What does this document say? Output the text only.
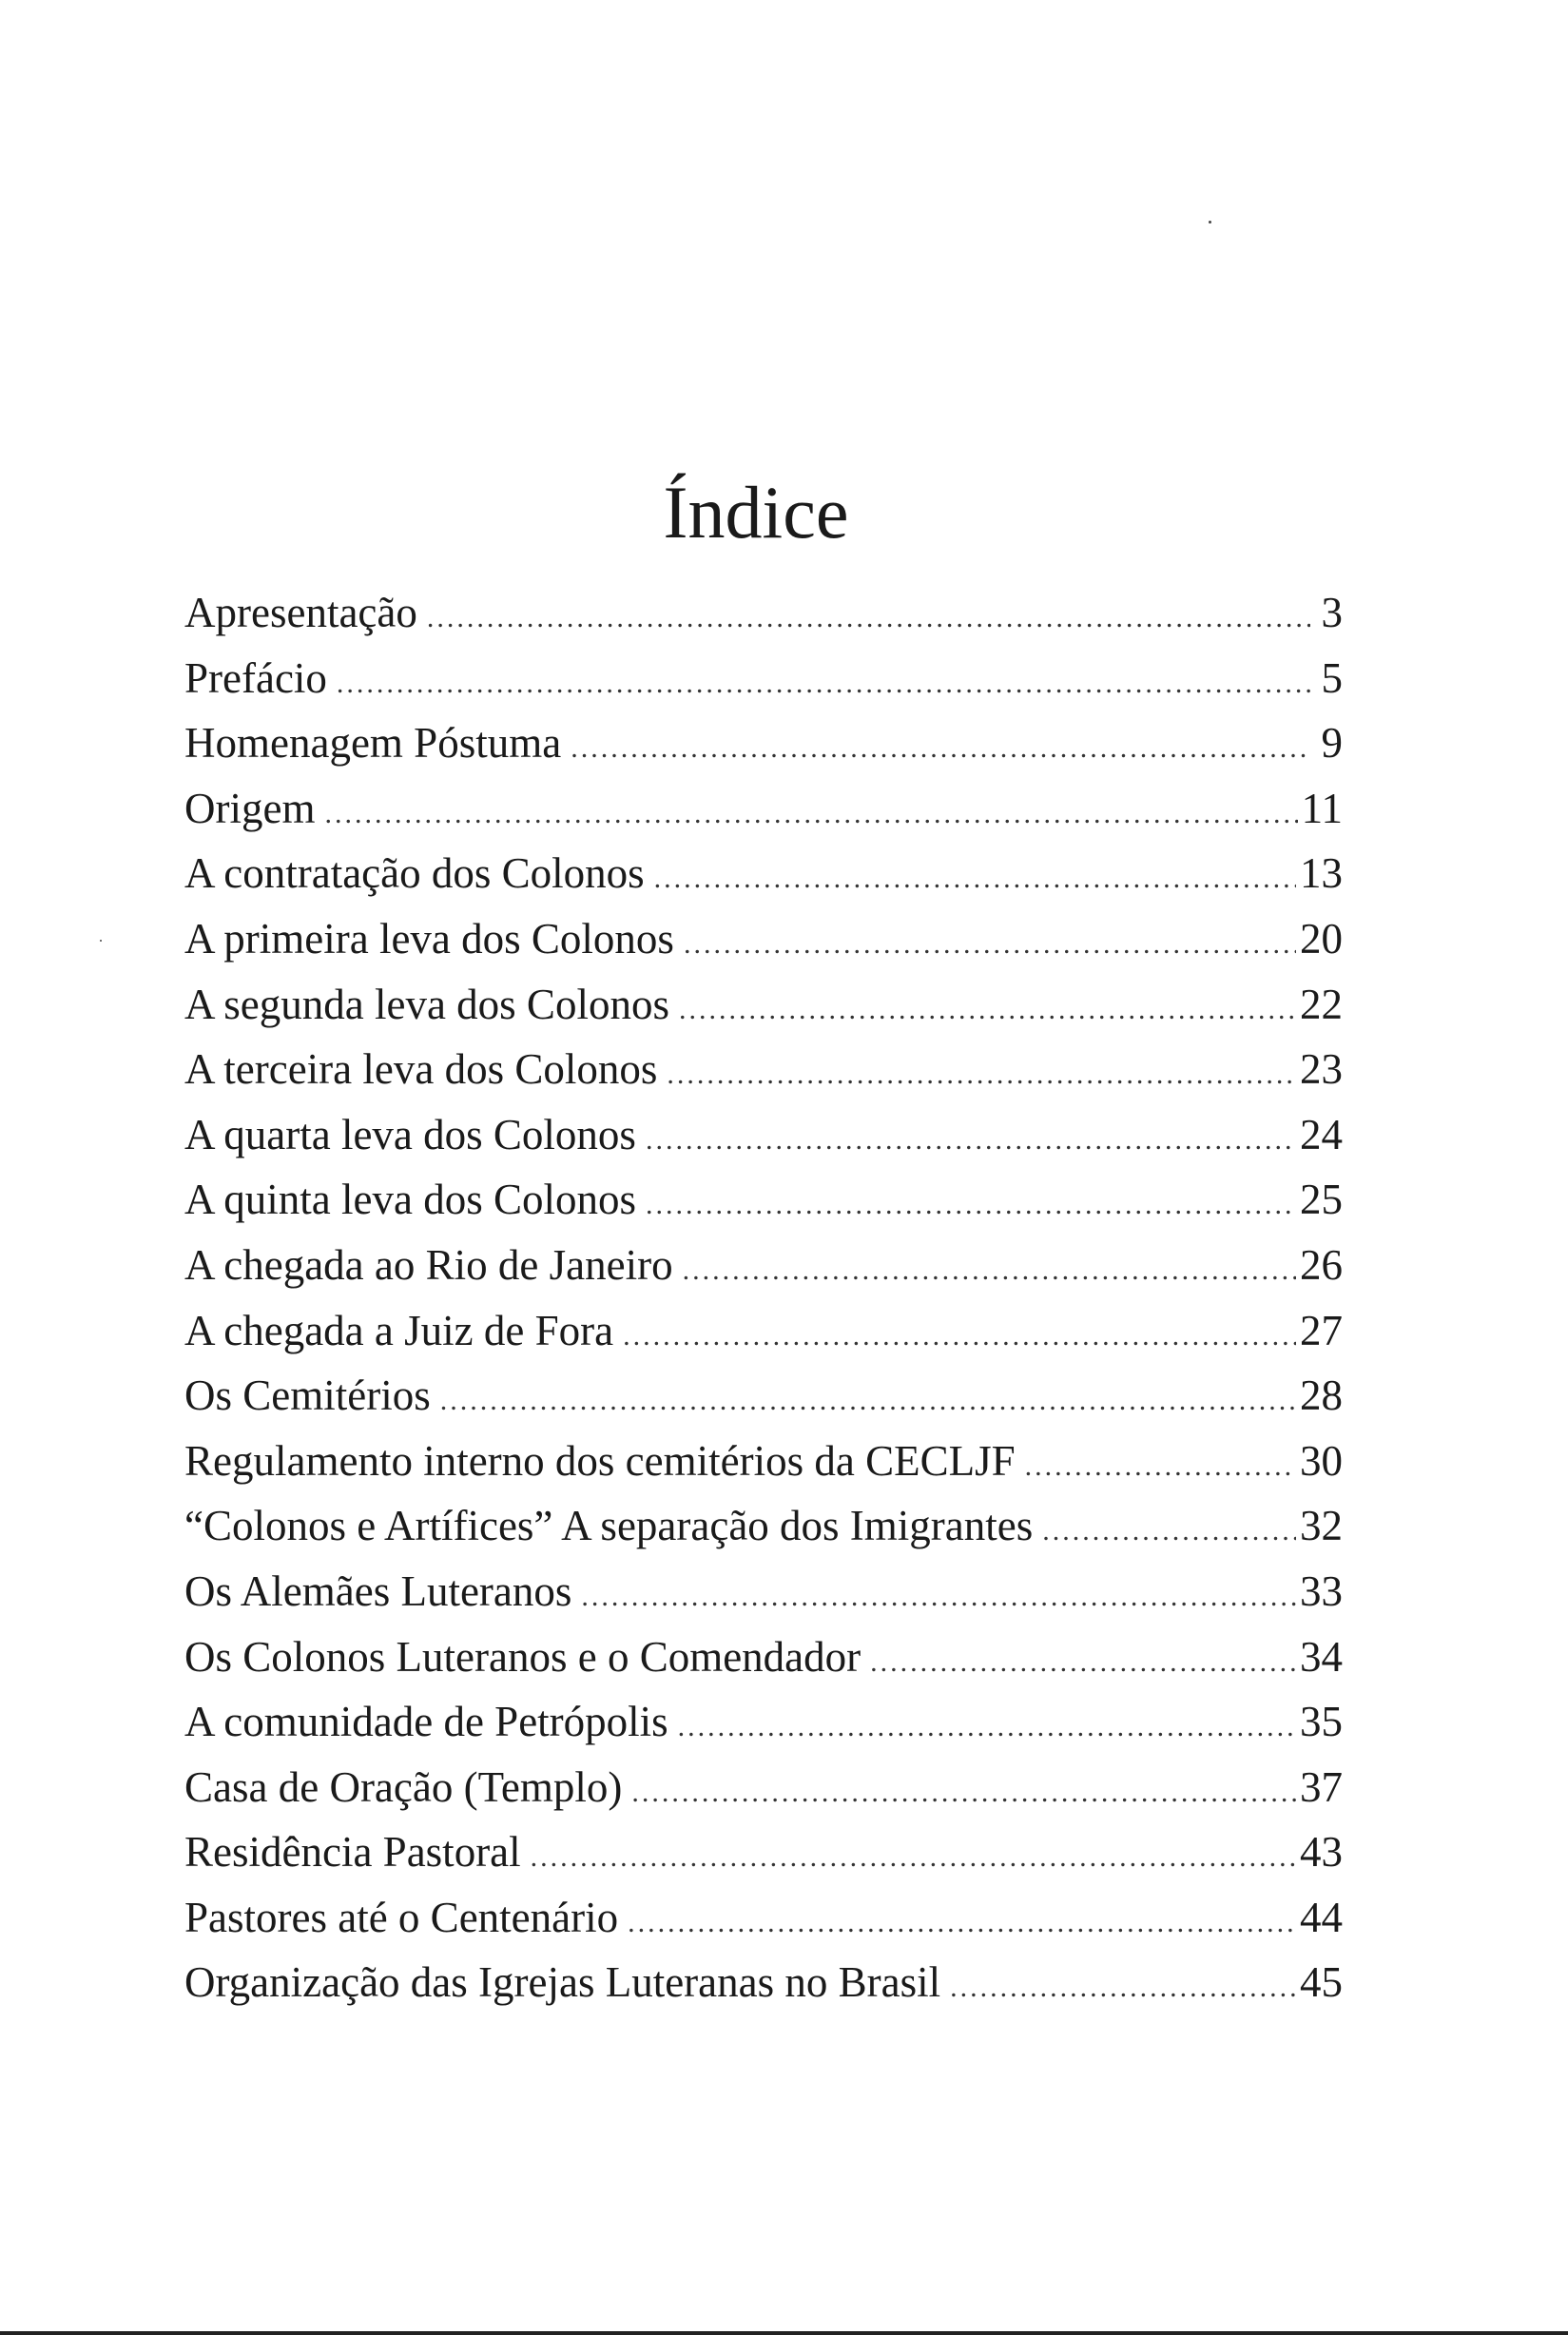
Índice
Apresentação .....	3
Prefácio .....	5
Homenagem Póstuma .....	9
Origem .....	11
A contratação dos Colonos .....	13
A primeira leva dos Colonos .....	20
A segunda leva dos Colonos .....	22
A terceira leva dos Colonos .....	23
A quarta leva dos Colonos .....	24
A quinta leva dos Colonos .....	25
A chegada ao Rio de Janeiro .....	26
A chegada a Juiz de Fora .....	27
Os Cemitérios .....	28
Regulamento interno dos cemitérios da CECLJF .....	30
“Colonos e Artífices” A separação dos Imigrantes .....	32
Os Alemães Luteranos .....	33
Os Colonos Luteranos e o Comendador .....	34
A comunidade de Petrópolis .....	35
Casa de Oração (Templo) .....	37
Residência Pastoral .....	43
Pastores até o Centenário .....	44
Organização das Igrejas Luteranas no Brasil .....	45
